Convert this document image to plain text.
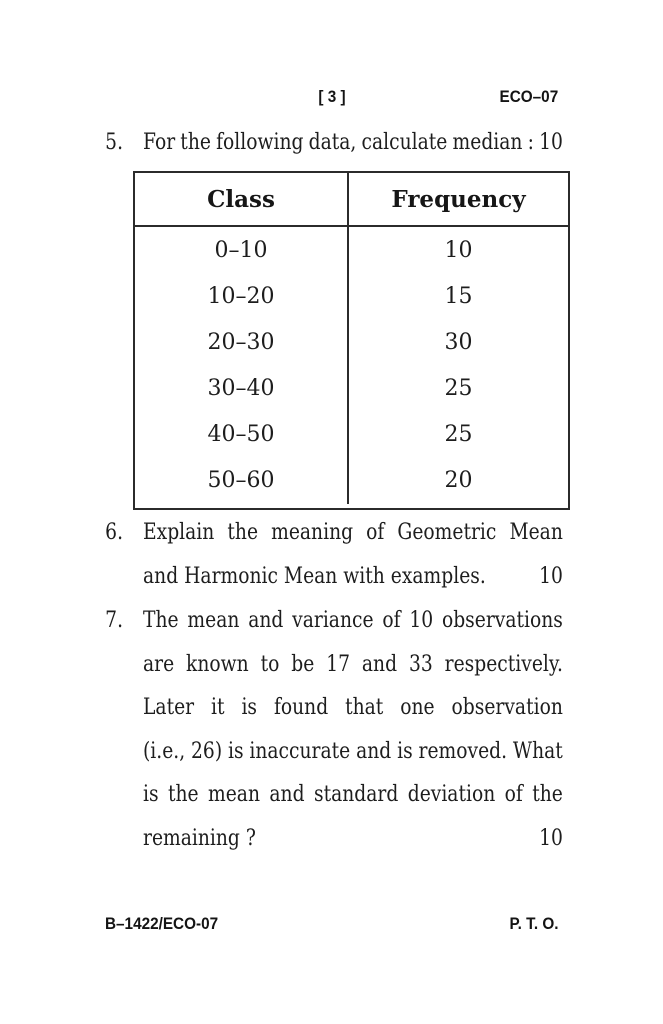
[ 3 ]	ECO–07
Class	Frequency
0–10	10
10–20	15
20–30	30
30–40	25
40–50	25
50–60	20
5. For the following data, calculate median : 10
6. Explain the meaning of Geometric Mean
and Harmonic Mean with examples. 10
7. The mean and variance of 10 observations
are known to be 17 and 33 respectively.
Later it is found that one observation
(i.e., 26) is inaccurate and is removed. What
is the mean and standard deviation of the
remaining ?	10
B–1422/ECO-07	P. T. O.
